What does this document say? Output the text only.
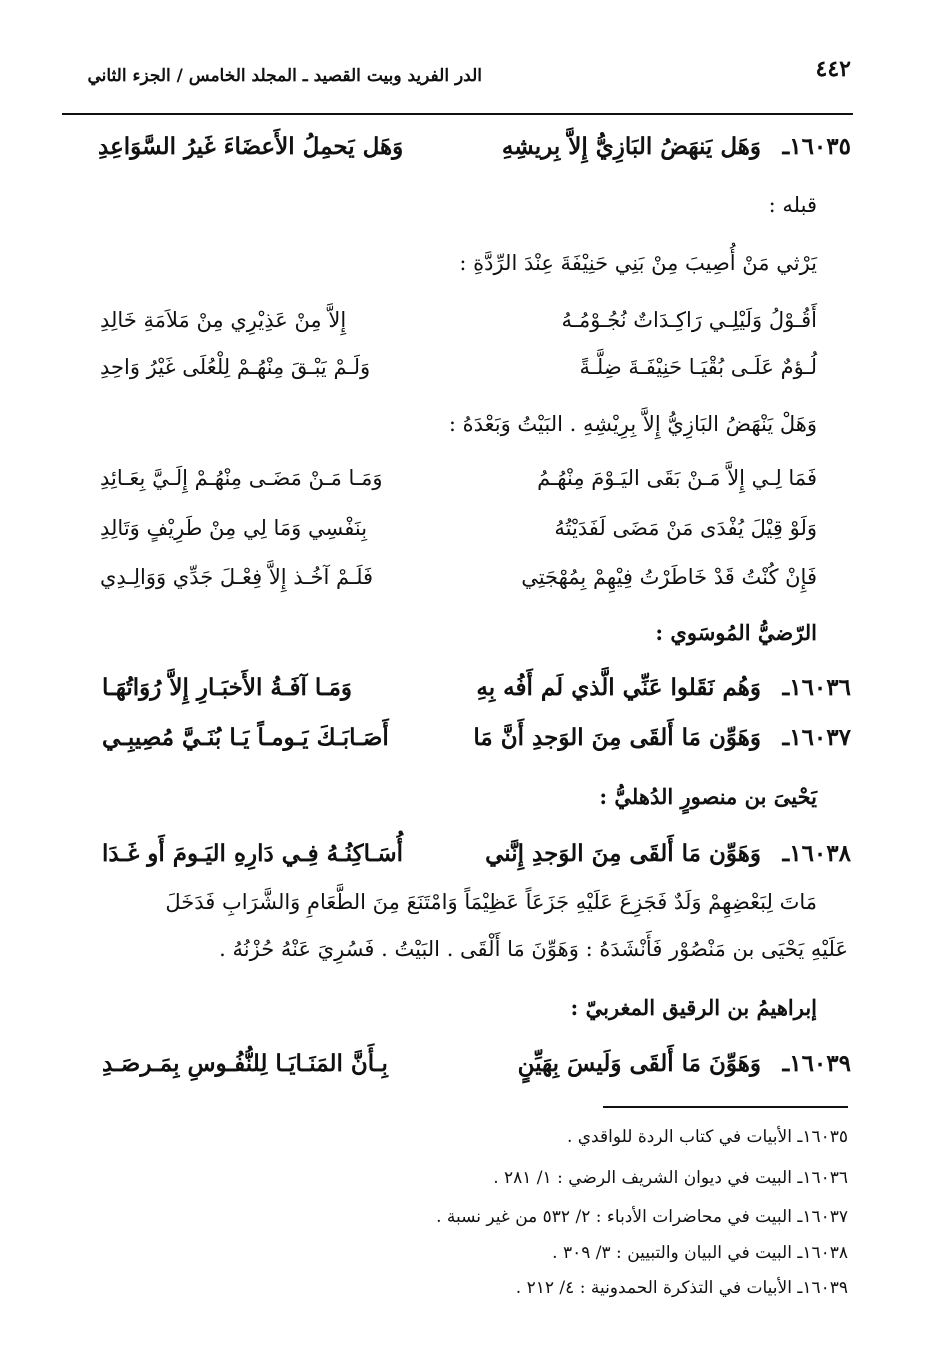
٤٤٢
الدر الفريد وبيت القصيد ـ المجلد الخامس / الجزء الثاني
١٦٠٣٥ـ
وَهَل يَنهَضُ البَازِيُّ إِلاَّ بِريشِهِ
وَهَل يَحمِلُ الأَعضَاءَ غَيرُ السَّوَاعِدِ
قبله :
يَرْثي مَنْ أُصِيبَ مِنْ بَنِي حَنِيْفَةَ عِنْدَ الرِّدَّةِ :
أَقُـوْلُ وَلَيْلِـي رَاكِـدَاتٌ نُجُـوْمُـهُ
إِلاَّ مِنْ عَذِيْرِي مِنْ مَلاَمَةِ خَالِدِ
لُـؤمٌ عَلَـى بُقْيَـا حَنِيْفَـةَ ضِلَّـةً
وَلَـمْ يَبْـقَ مِنْهُـمْ لِلْعُلَى غَيْرُ وَاحِدِ
وَهَلْ يَنْهَضُ البَازِيُّ إِلاَّ بِرِيْشِهِ . البَيْتُ وَبَعْدَهُ :
فَمَا لِـي إِلاَّ مَـنْ بَقَى اليَـوْمَ مِنْهُـمُ
وَمَـا مَـنْ مَضَـى مِنْهُـمْ إِلَـيَّ بِعَـائِدِ
وَلَوْ قِيْلَ يُفْدَى مَنْ مَضَى لَفَدَيْتُهُ
بِنَفْسِي وَمَا لِي مِنْ طَرِيْفٍ وَتَالِدِ
فَإِنْ كُنْتُ قَدْ خَاطَرْتُ فِيْهِمْ بِمُهْجَتِي
فَلَـمْ آخُـذ إِلاَّ فِعْـلَ جَدِّي وَوَالِـدِي
الرّضيُّ المُوسَوي :
١٦٠٣٦ـ
وَهُم نَقَلوا عَنِّي الَّذي لَم أَفُه بِهِ
وَمَـا آفَـةُ الأَخبَـارِ إِلاَّ رُوَاتُهَـا
١٦٠٣٧ـ
وَهَوِّن مَا أَلقَى مِنَ الوَجدِ أَنَّ مَا
أَصَـابَـكَ يَـومـاً يَـا بُنَـيَّ مُصِيبِـي
يَحْيىَ بن منصورٍ الدُهليُّ :
١٦٠٣٨ـ
وَهَوِّن مَا أَلقَى مِنَ الوَجدِ إِنَّني
أُسَـاكِنُـهُ فِـي دَارِهِ اليَـومَ أَو غَـدَا
مَاتَ لِبَعْضِهِمْ وَلَدٌ فَجَزِعَ عَلَيْهِ جَزَعَاً عَظِيْمَاً وَامْتَنَعَ مِنَ الطَّعَامِ وَالشَّرَابِ فَدَخَلَ
عَلَيْهِ يَحْيَى بن مَنْصُوْر فَأَنْشَدَهُ : وَهَوِّنَ مَا أَلْقَى . البَيْتُ . فَسُرِيَ عَنْهُ حُزْنُهُ .
إبراهيمُ بن الرقيق المغربيّ :
١٦٠٣٩ـ
وَهَوِّنَ مَا أَلقَى وَلَيسَ بِهَيِّنٍ
بِـأَنَّ المَنَـايَـا لِلنُّفُـوسِ بِمَـرصَـدِ
١٦٠٣٥ـ الأبيات في كتاب الردة للواقدي .
١٦٠٣٦ـ البيت في ديوان الشريف الرضي : ١/ ٢٨١ .
١٦٠٣٧ـ البيت في محاضرات الأدباء : ٢/ ٥٣٢ من غير نسبة .
١٦٠٣٨ـ البيت في البيان والتبيين : ٣/ ٣٠٩ .
١٦٠٣٩ـ الأبيات في التذكرة الحمدونية : ٤/ ٢١٢ .
